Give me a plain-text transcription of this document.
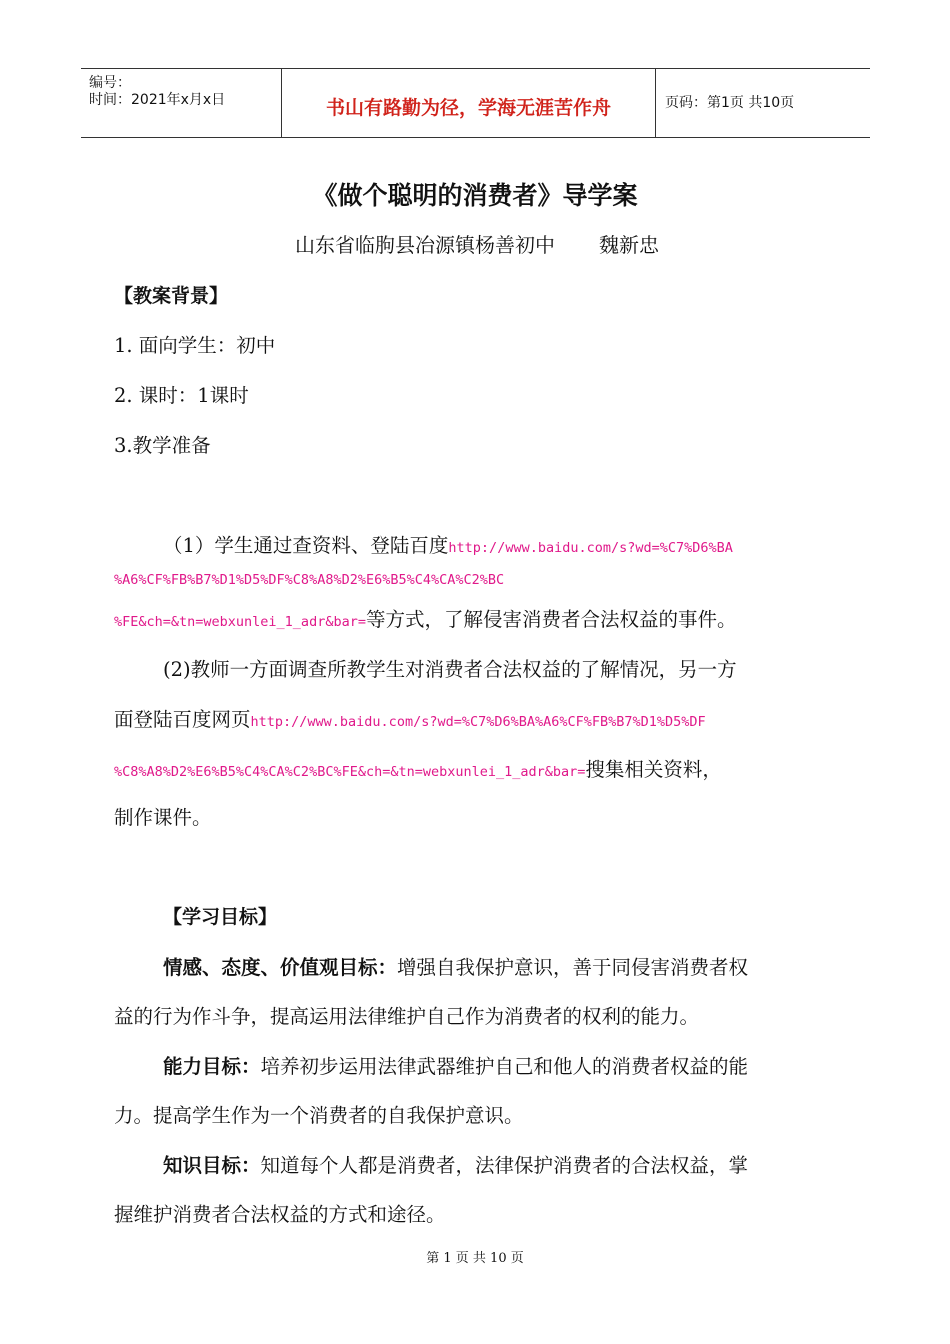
编号：
时间：2021年x月x日	书山有路勤为径，学海无涯苦作舟	页码：第1页 共10页
《做个聪明的消费者》导学案
山东省临朐县冶源镇杨善初中 魏新忠
【教案背景】
1. 面向学生：初中
2. 课时：1课时
3.教学准备
（1）学生通过查资料、登陆百度http://www.baidu.com/s?wd=%C7%D6%BA
%A6%CF%FB%B7%D1%D5%DF%C8%A8%D2%E6%B5%C4%CA%C2%BC
%FE&ch=&tn=webxunlei_1_adr&bar=等方式，了解侵害消费者合法权益的事件。
(2)教师一方面调查所教学生对消费者合法权益的了解情况，另一方
面登陆百度网页http://www.baidu.com/s?wd=%C7%D6%BA%A6%CF%FB%B7%D1%D5%DF
%C8%A8%D2%E6%B5%C4%CA%C2%BC%FE&ch=&tn=webxunlei_1_adr&bar=搜集相关资料，
制作课件。
【学习目标】
情感、态度、价值观目标：增强自我保护意识，善于同侵害消费者权
益的行为作斗争，提高运用法律维护自己作为消费者的权利的能力。
能力目标：培养初步运用法律武器维护自己和他人的消费者权益的能
力。提高学生作为一个消费者的自我保护意识。
知识目标：知道每个人都是消费者，法律保护消费者的合法权益，掌
握维护消费者合法权益的方式和途径。
第 1 页 共 10 页
